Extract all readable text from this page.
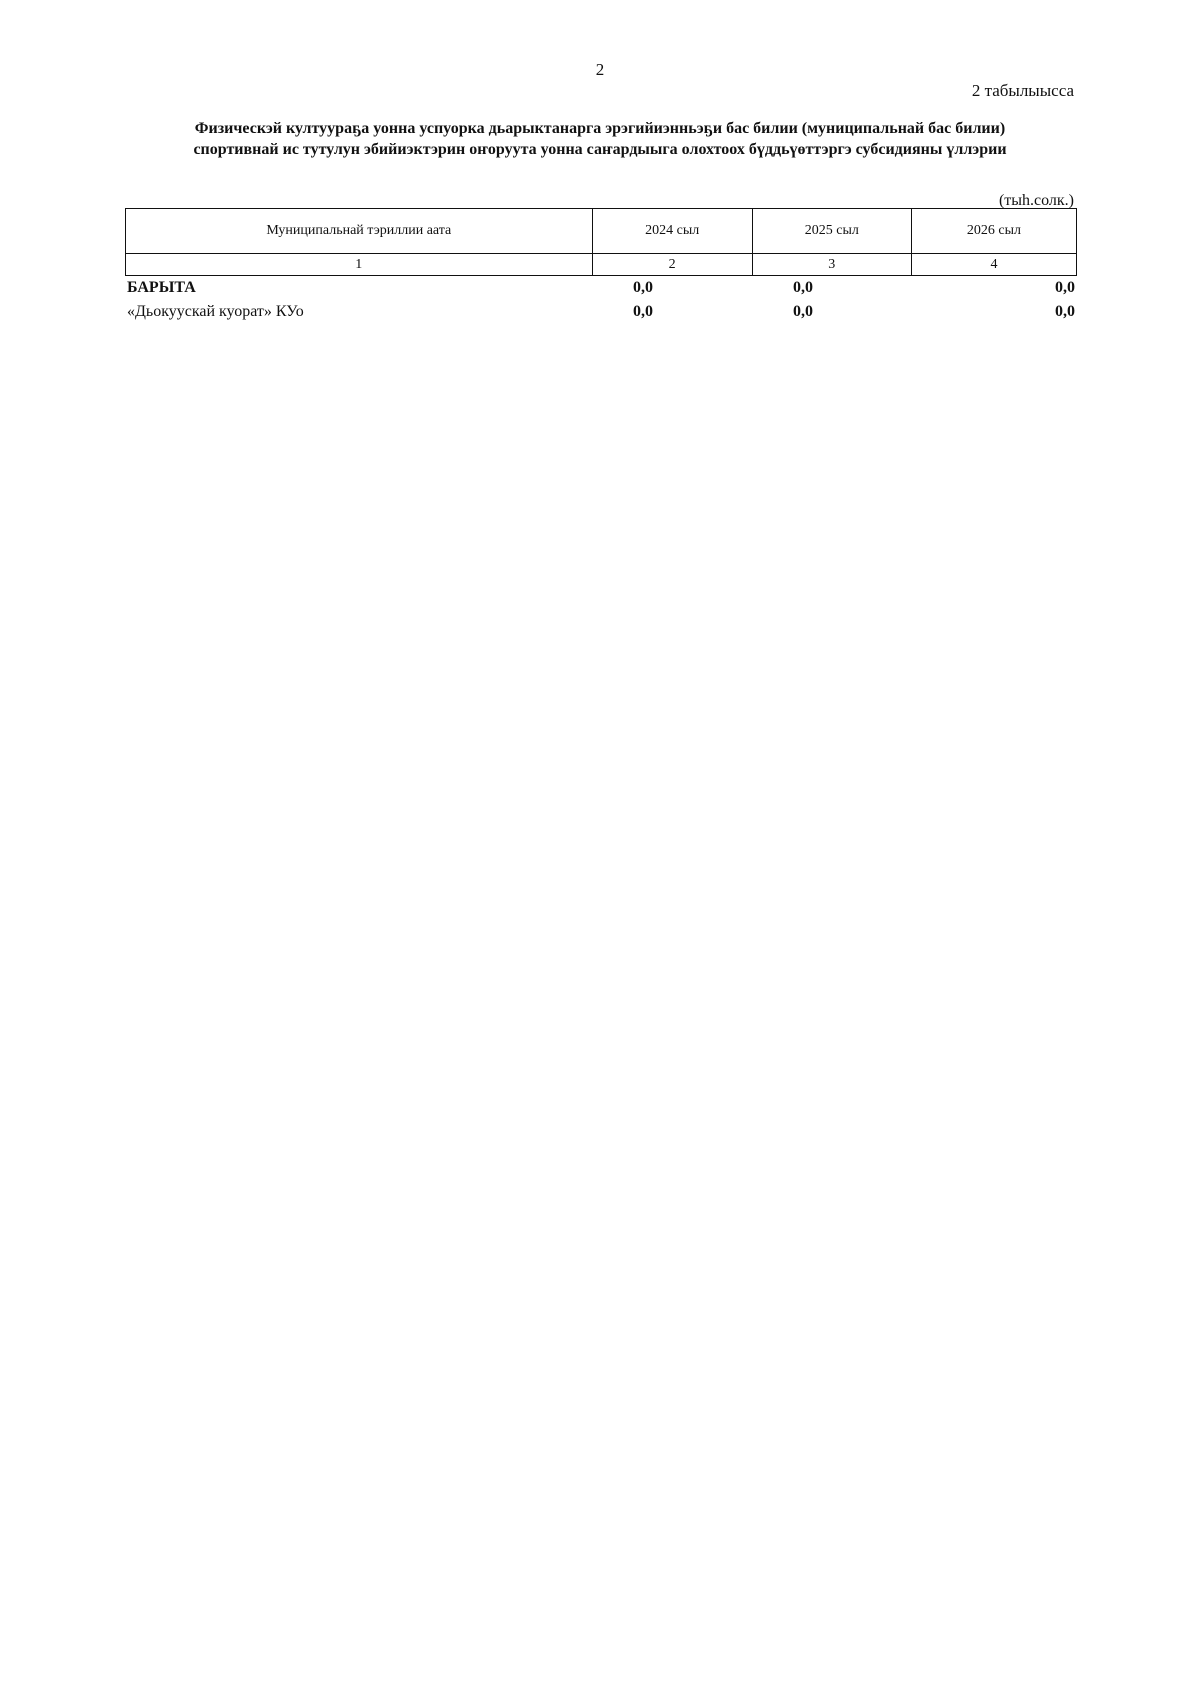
2
2 табылыысса
Физическэй култуураҕа уонна успуорка дьарыктанарга эрэгийиэнньэҕи бас билии (муниципальнай бас билии)
спортивнай ис тутулун эбийиэктэрин оҥоруута уонна саҥардыыга олохтоох бүддьүөттэргэ субсидияны үллэрии
(тыһ.солк.)
Муниципальнай тэриллии аата	2024 сыл	2025 сыл	2026 сыл
1	2	3	4
БАРЫТА	0,0	0,0	0,0
«Дьокуускай куорат» КУо	0,0	0,0	0,0
